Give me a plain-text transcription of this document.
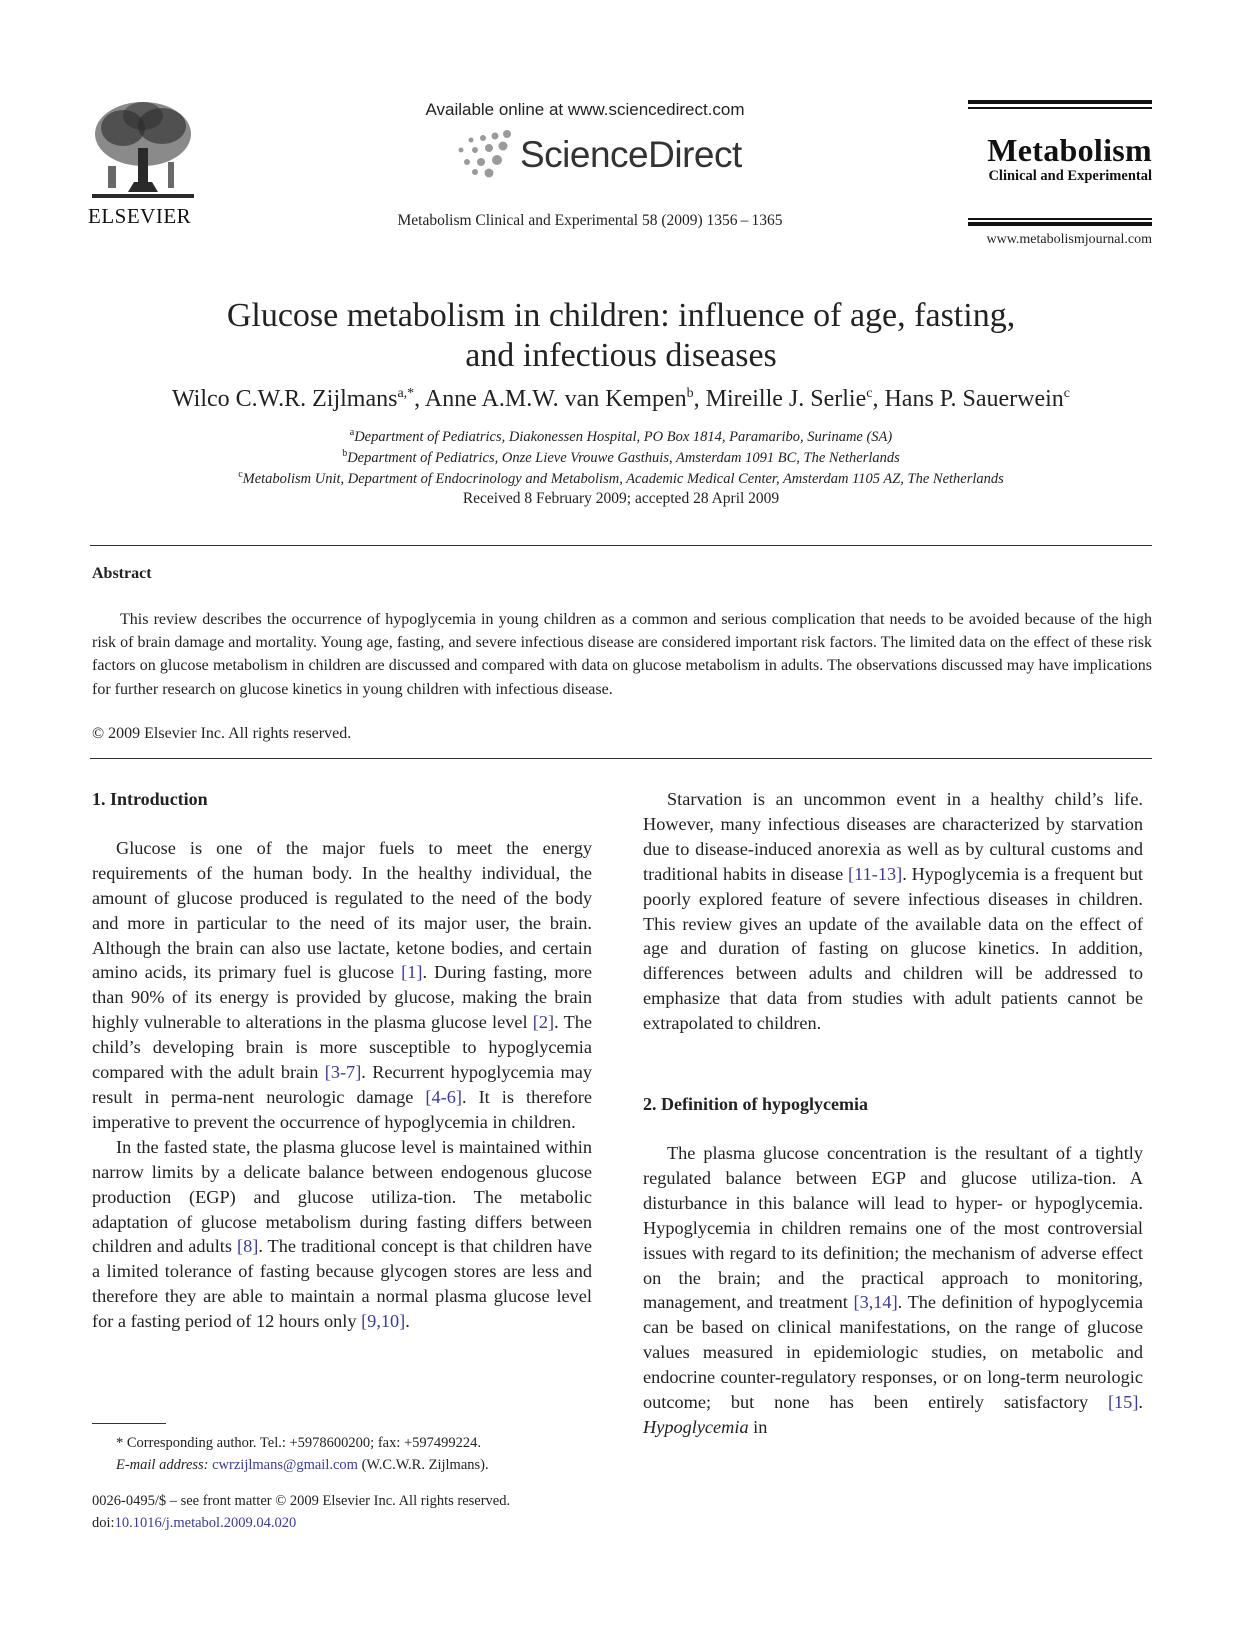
ELSEVIER
Available online at www.sciencedirect.com
ScienceDirect
Metabolism Clinical and Experimental 58 (2009) 1356 – 1365
Metabolism
Clinical and Experimental
www.metabolismjournal.com
Glucose metabolism in children: influence of age, fasting,
and infectious diseases
Wilco C.W.R. Zijlmans$^{a,*}$, Anne A.M.W. van Kempen$^b$, Mireille J. Serlie$^c$, Hans P. Sauerwein$^c$
$^a$Department of Pediatrics, Diakonessen Hospital, PO Box 1814, Paramaribo, Suriname (SA)
$^b$Department of Pediatrics, Onze Lieve Vrouwe Gasthuis, Amsterdam 1091 BC, The Netherlands
$^c$Metabolism Unit, Department of Endocrinology and Metabolism, Academic Medical Center, Amsterdam 1105 AZ, The Netherlands
Received 8 February 2009; accepted 28 April 2009
Abstract
This review describes the occurrence of hypoglycemia in young children as a common and serious complication that needs to be avoided because of the high risk of brain damage and mortality. Young age, fasting, and severe infectious disease are considered important risk factors. The limited data on the effect of these risk factors on glucose metabolism in children are discussed and compared with data on glucose metabolism in adults. The observations discussed may have implications for further research on glucose kinetics in young children with infectious disease.
© 2009 Elsevier Inc. All rights reserved.
1. Introduction

Glucose is one of the major fuels to meet the energy requirements of the human body. In the healthy individual, the amount of glucose produced is regulated to the need of the body and more in particular to the need of its major user, the brain. Although the brain can also use lactate, ketone bodies, and certain amino acids, its primary fuel is glucose [1]. During fasting, more than 90% of its energy is provided by glucose, making the brain highly vulnerable to alterations in the plasma glucose level [2]. The child’s developing brain is more susceptible to hypoglycemia compared with the adult brain [3-7]. Recurrent hypoglycemia may result in perma-nent neurologic damage [4-6]. It is therefore imperative to prevent the occurrence of hypoglycemia in children.

In the fasted state, the plasma glucose level is maintained within narrow limits by a delicate balance between endogenous glucose production (EGP) and glucose utiliza-tion. The metabolic adaptation of glucose metabolism during fasting differs between children and adults [8]. The traditional concept is that children have a limited tolerance of fasting because glycogen stores are less and therefore they are able to maintain a normal plasma glucose level for a fasting period of 12 hours only [9,10].

Starvation is an uncommon event in a healthy child’s life. However, many infectious diseases are characterized by starvation due to disease-induced anorexia as well as by cultural customs and traditional habits in disease [11-13]. Hypoglycemia is a frequent but poorly explored feature of severe infectious diseases in children. This review gives an update of the available data on the effect of age and duration of fasting on glucose kinetics. In addition, differences between adults and children will be addressed to emphasize that data from studies with adult patients cannot be extrapolated to children.

2. Definition of hypoglycemia

The plasma glucose concentration is the resultant of a tightly regulated balance between EGP and glucose utiliza-tion. A disturbance in this balance will lead to hyper- or hypoglycemia. Hypoglycemia in children remains one of the most controversial issues with regard to its definition; the mechanism of adverse effect on the brain; and the practical approach to monitoring, management, and treatment [3,14]. The definition of hypoglycemia can be based on clinical manifestations, on the range of glucose values measured in epidemiologic studies, on metabolic and endocrine counter-regulatory responses, or on long-term neurologic outcome; but none has been entirely satisfactory [15]. Hypoglycemia in

* Corresponding author. Tel.: +5978600200; fax: +597499224.
E-mail address: cwrzijlmans@gmail.com (W.C.W.R. Zijlmans).
0026-0495/$ – see front matter © 2009 Elsevier Inc. All rights reserved.
doi:10.1016/j.metabol.2009.04.020
